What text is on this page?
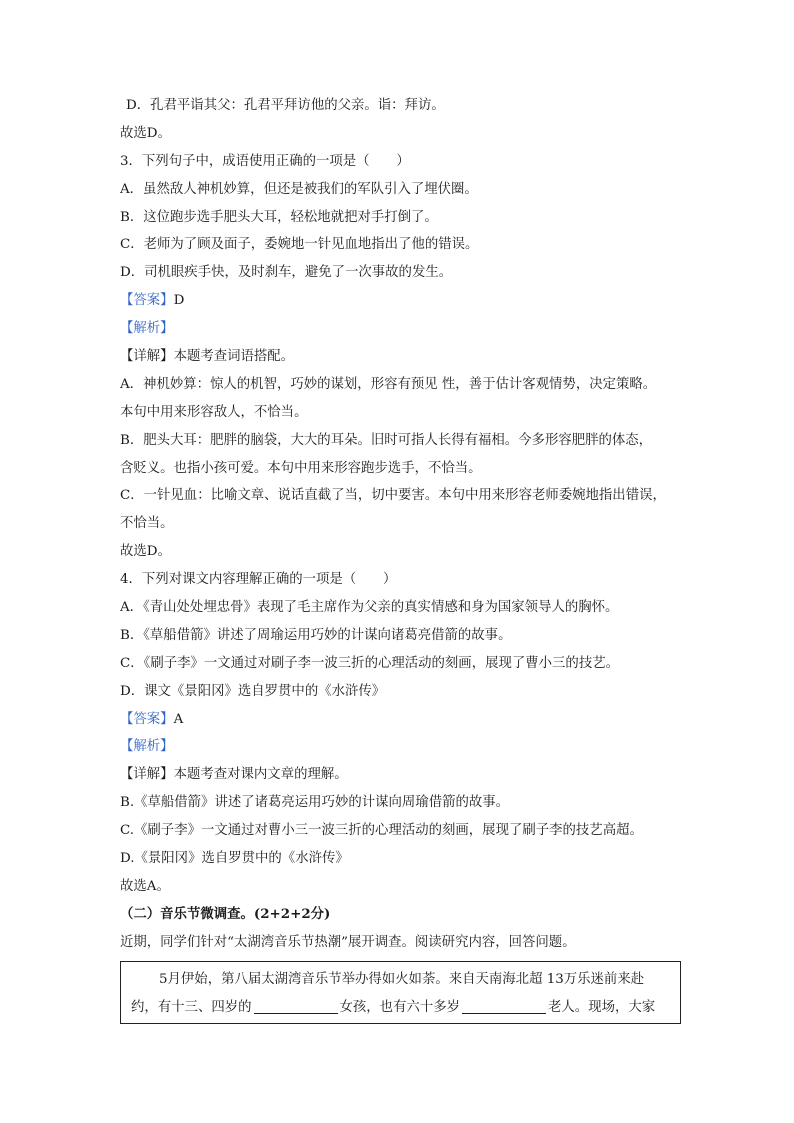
D．孔君平诣其父：孔君平拜访他的父亲。诣：拜访。
故选D。
3．下列句子中，成语使用正确的一项是（　　）
A．虽然敌人神机妙算，但还是被我们的军队引入了埋伏圈。
B．这位跑步选手肥头大耳，轻松地就把对手打倒了。
C．老师为了顾及面子，委婉地一针见血地指出了他的错误。
D．司机眼疾手快，及时刹车，避免了一次事故的发生。
【答案】D
【解析】
【详解】本题考查词语搭配。
A．神机妙算：惊人的机智，巧妙的谋划，形容有预见 性，善于估计客观情势，决定策略。
本句中用来形容敌人，不恰当。
B．肥头大耳：肥胖的脑袋，大大的耳朵。旧时可指人长得有福相。今多形容肥胖的体态，
含贬义。也指小孩可爱。本句中用来形容跑步选手，不恰当。
C．一针见血：比喻文章、说话直截了当，切中要害。本句中用来形容老师委婉地指出错误，
不恰当。
故选D。
4．下列对课文内容理解正确的一项是（　　）
A．《青山处处埋忠骨》表现了毛主席作为父亲的真实情感和身为国家领导人的胸怀。
B．《草船借箭》讲述了周瑜运用巧妙的计谋向诸葛亮借箭的故事。
C．《刷子李》一文通过对刷子李一波三折的心理活动的刻画，展现了曹小三的技艺。
D．课文《景阳冈》选自罗贯中的《水浒传》
【答案】A
【解析】
【详解】本题考查对课内文章的理解。
B.《草船借箭》讲述了诸葛亮运用巧妙的计谋向周瑜借箭的故事。
C.《刷子李》一文通过对曹小三一波三折的心理活动的刻画，展现了刷子李的技艺高超。
D.《景阳冈》选自罗贯中的《水浒传》
故选A。
（二）音乐节微调查。(2+2+2分)
近期，同学们针对“太湖湾音乐节热潮”展开调查。阅读研究内容，回答问题。
5月伊始，第八届太湖湾音乐节举办得如火如荼。来自天南海北超 13万乐迷前来赴
约，有十三、四岁的	女孩，也有六十多岁	老人。现场，大家
